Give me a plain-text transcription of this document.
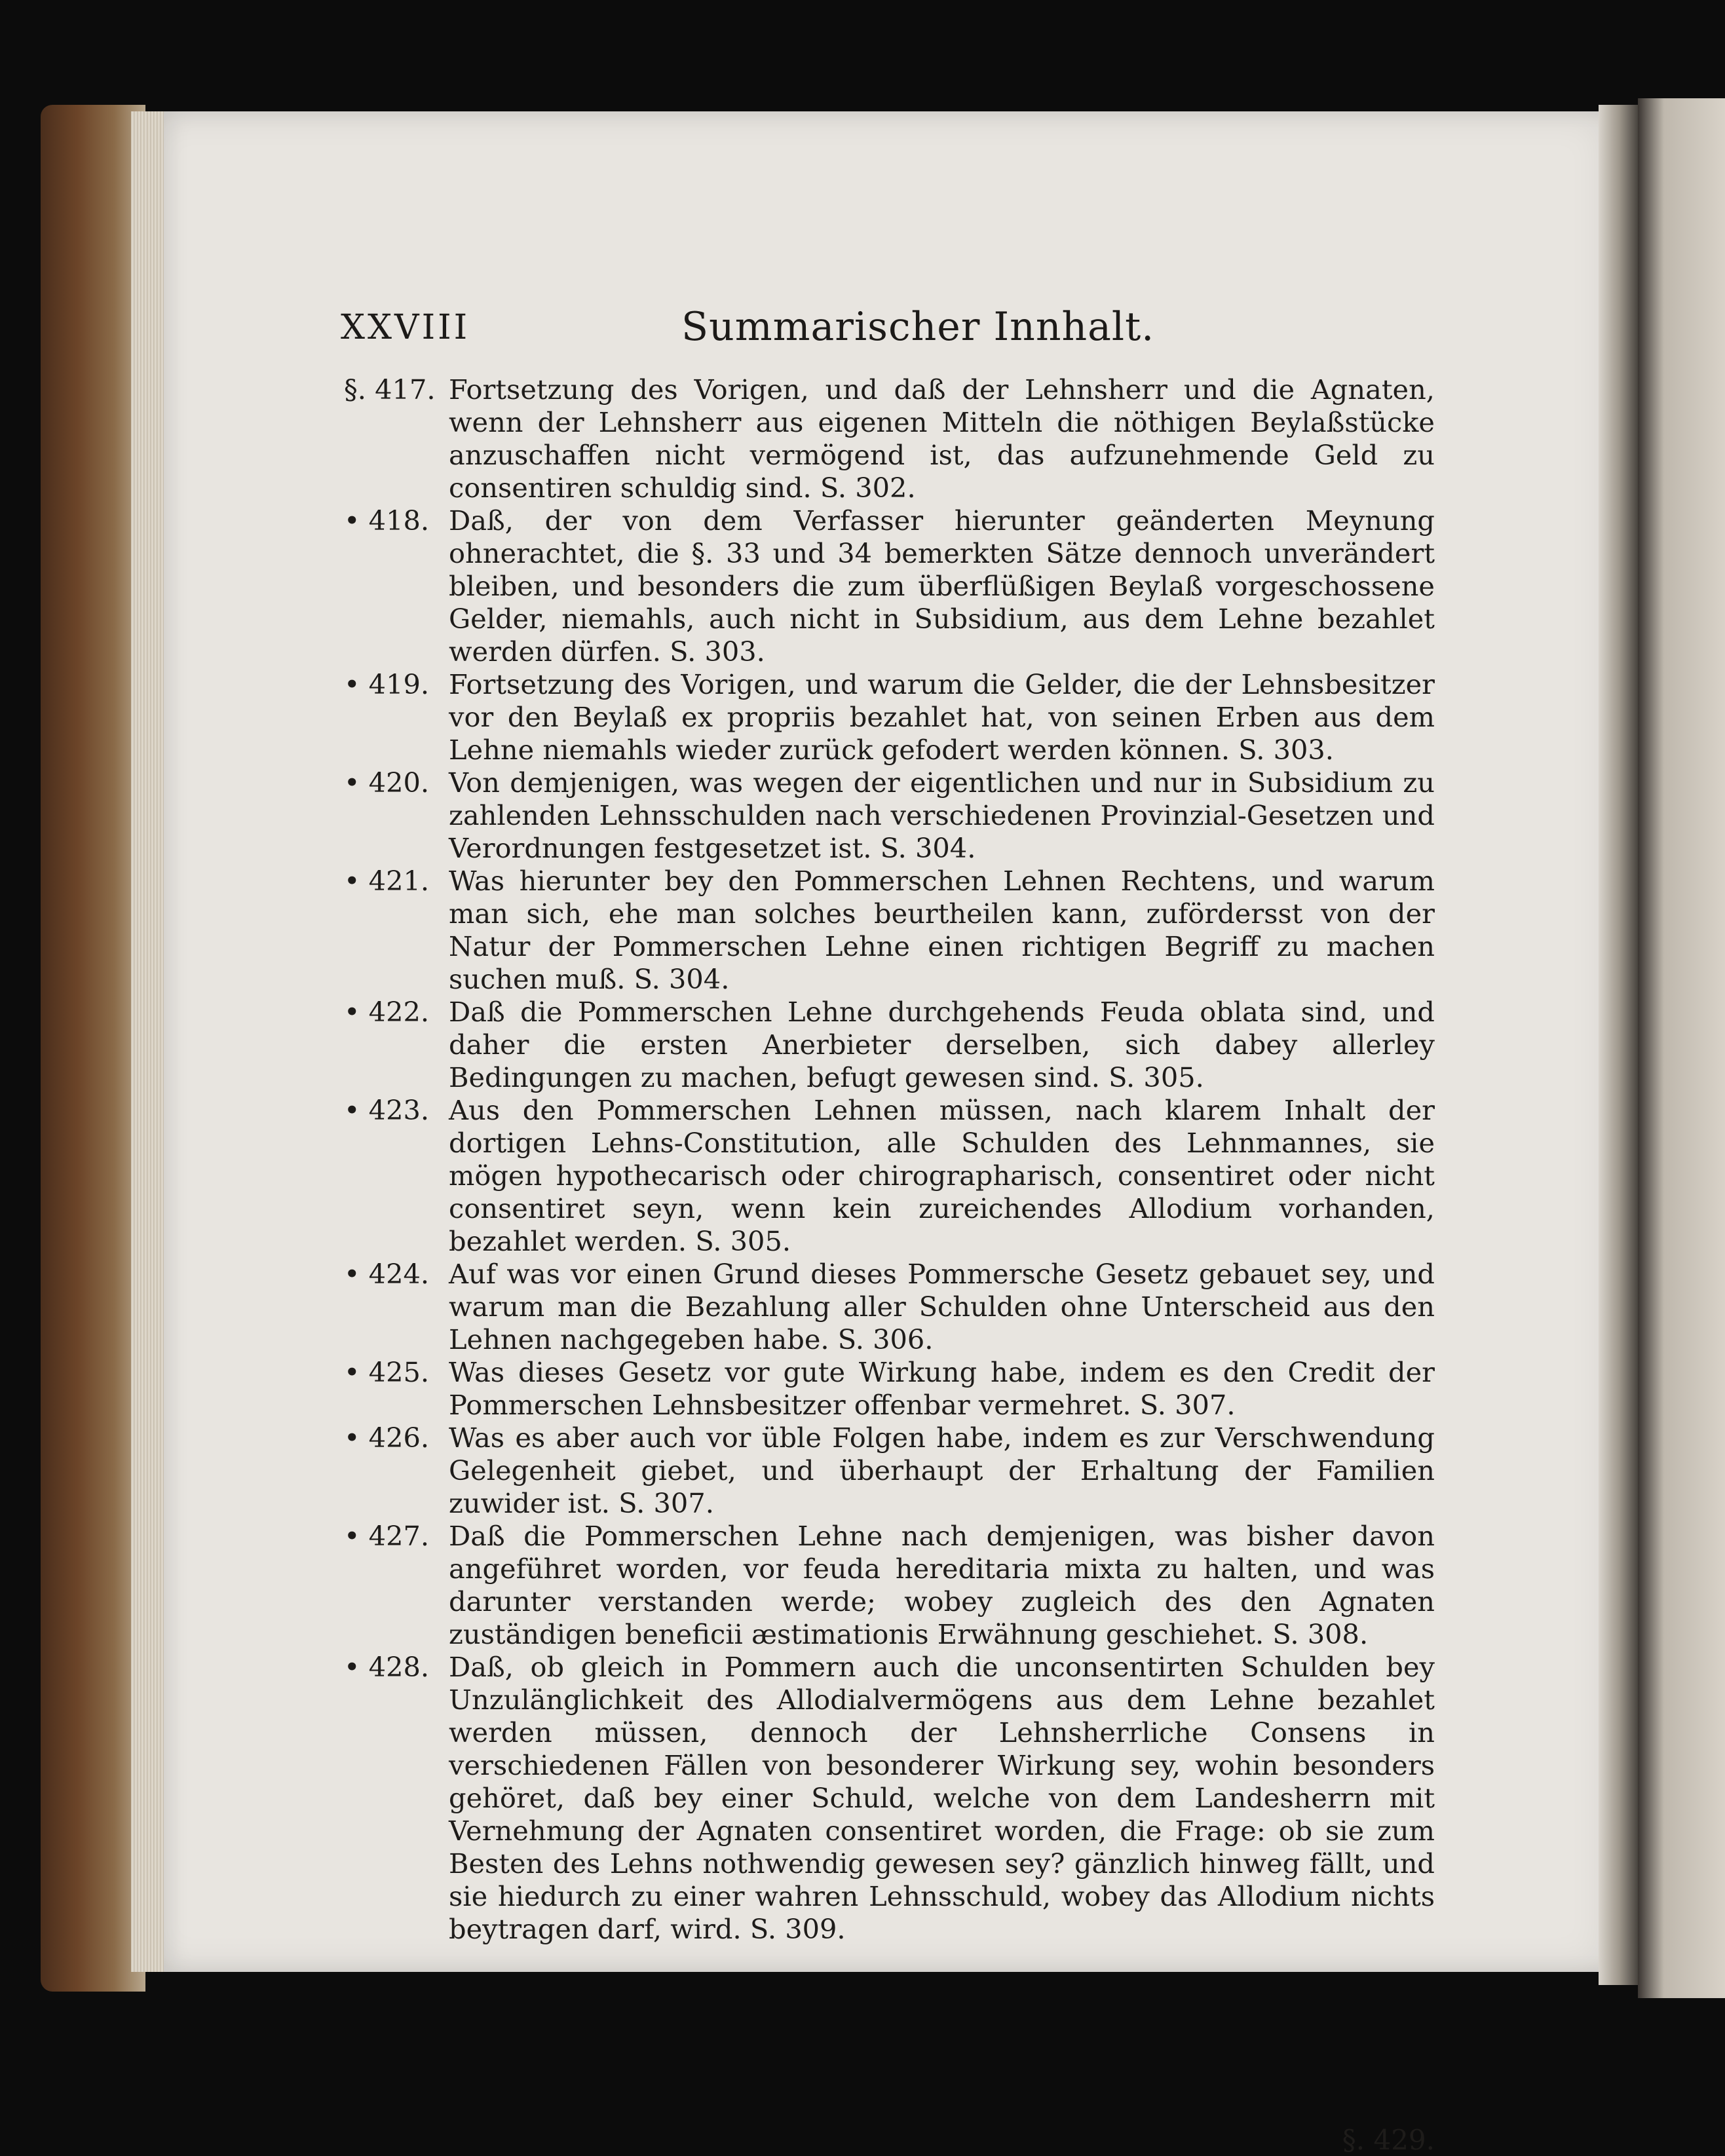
XXVIII	Summarischer Innhalt.
§. 417. Fortsetzung des Vorigen, und daß der Lehnsherr und die Agnaten, wenn der Lehnsherr aus eigenen Mitteln die nöthigen Beylaßstücke anzuschaffen nicht vermögend ist, das aufzunehmende Geld zu consentiren schuldig sind. S. 302.
• 418. Daß, der von dem Verfasser hierunter geänderten Meynung ohnerachtet, die §. 33 und 34 bemerkten Sätze dennoch unverändert bleiben, und besonders die zum überflüßigen Beylaß vorgeschossene Gelder, niemahls, auch nicht in Subsidium, aus dem Lehne bezahlet werden dürfen. S. 303.
• 419. Fortsetzung des Vorigen, und warum die Gelder, die der Lehnsbesitzer vor den Beylaß ex propriis bezahlet hat, von seinen Erben aus dem Lehne niemahls wieder zurück gefodert werden können. S. 303.
• 420. Von demjenigen, was wegen der eigentlichen und nur in Subsidium zu zahlenden Lehnsschulden nach verschiedenen Provinzial-Gesetzen und Verordnungen festgesetzet ist. S. 304.
• 421. Was hierunter bey den Pommerschen Lehnen Rechtens, und warum man sich, ehe man solches beurtheilen kann, zufördersst von der Natur der Pommerschen Lehne einen richtigen Begriff zu machen suchen muß. S. 304.
• 422. Daß die Pommerschen Lehne durchgehends Feuda oblata sind, und daher die ersten Anerbieter derselben, sich dabey allerley Bedingungen zu machen, befugt gewesen sind. S. 305.
• 423. Aus den Pommerschen Lehnen müssen, nach klarem Inhalt der dortigen Lehns-Constitution, alle Schulden des Lehnmannes, sie mögen hypothecarisch oder chirographarisch, consentiret oder nicht consentiret seyn, wenn kein zureichendes Allodium vorhanden, bezahlet werden. S. 305.
• 424. Auf was vor einen Grund dieses Pommersche Gesetz gebauet sey, und warum man die Bezahlung aller Schulden ohne Unterscheid aus den Lehnen nachgegeben habe. S. 306.
• 425. Was dieses Gesetz vor gute Wirkung habe, indem es den Credit der Pommerschen Lehnsbesitzer offenbar vermehret. S. 307.
• 426. Was es aber auch vor üble Folgen habe, indem es zur Verschwendung Gelegenheit giebet, und überhaupt der Erhaltung der Familien zuwider ist. S. 307.
• 427. Daß die Pommerschen Lehne nach demjenigen, was bisher davon angeführet worden, vor feuda hereditaria mixta zu halten, und was darunter verstanden werde; wobey zugleich des den Agnaten zuständigen beneficii æstimationis Erwähnung geschiehet. S. 308.
• 428. Daß, ob gleich in Pommern auch die unconsentirten Schulden bey Unzulänglichkeit des Allodialvermögens aus dem Lehne bezahlet werden müssen, dennoch der Lehnsherrliche Consens in verschiedenen Fällen von besonderer Wirkung sey, wohin besonders gehöret, daß bey einer Schuld, welche von dem Landesherrn mit Vernehmung der Agnaten consentiret worden, die Frage: ob sie zum Besten des Lehns nothwendig gewesen sey? gänzlich hinweg fällt, und sie hiedurch zu einer wahren Lehnsschuld, wobey das Allodium nichts beytragen darf, wird. S. 309.
§. 429.
